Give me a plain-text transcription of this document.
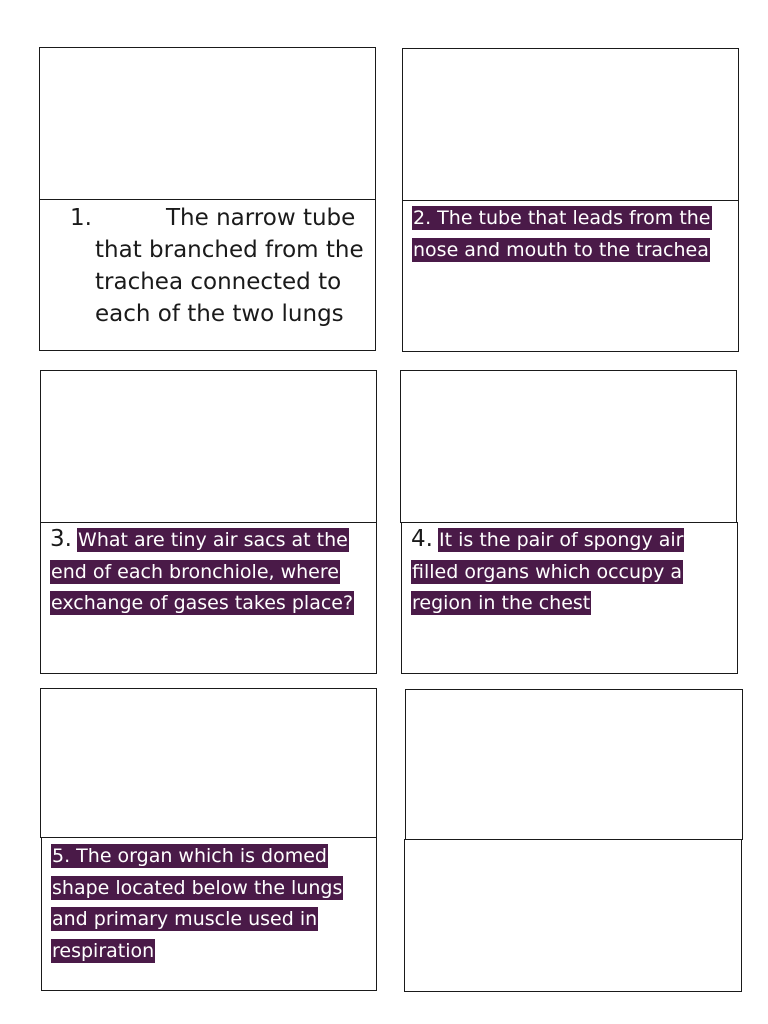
1.	The narrow tube that branched from the trachea connected to each of the two lungs
2. The tube that leads from the nose and mouth to the trachea
3. What are tiny air sacs at the end of each bronchiole, where exchange of gases takes place?
4. It is the pair of spongy air filled organs which occupy a region in the chest
5. The organ which is domed shape located below the lungs and primary muscle used in respiration
